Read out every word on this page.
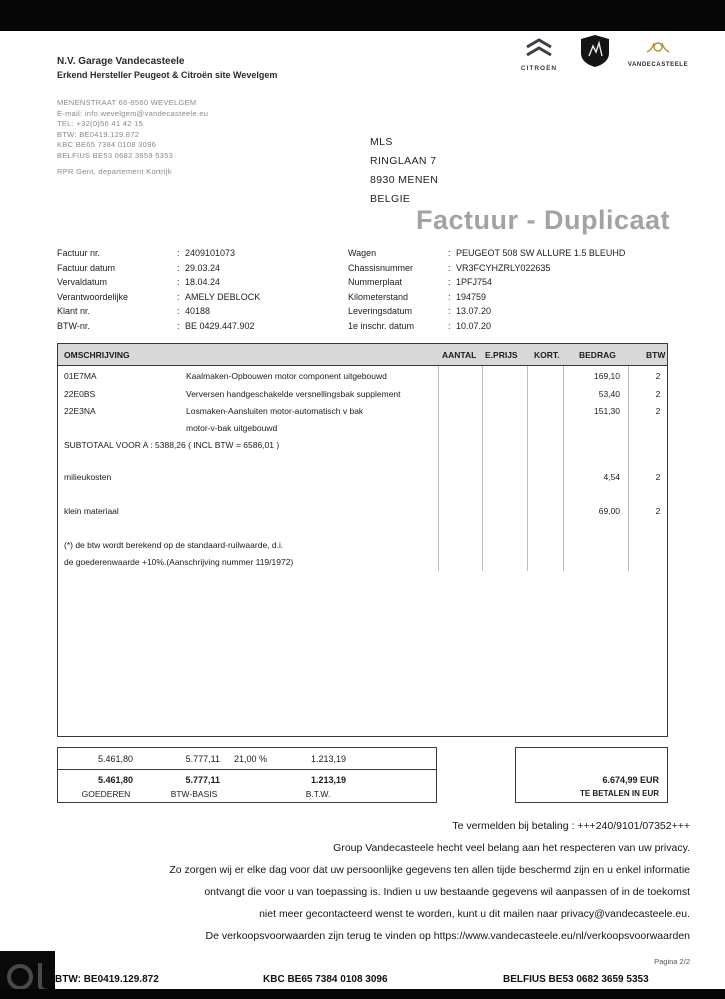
N.V. Garage Vandecasteele
Erkend Hersteller Peugeot & Citroën site Wevelgem
MENENSTRAAT 66-8560 WEVELGEM
E-mail: info.wevelgem@vandecasteele.eu
TEL: +32(0)56 41 42 15
BTW: BE0419.129.872
KBC BE65 7384 0108 3096
BELFIUS BE53 0682 3659 5353
RPR Gent, departement Kortrijk
CITROËN	VANDECASTEELE
MLS
RINGLAAN 7
8930 MENEN
BELGIE
Factuur - Duplicaat
Factuur nr. :	2409101073
Factuur datum :	29.03.24
Vervaldatum :	18.04.24
Verantwoordelijke :	AMELY DEBLOCK
Klant nr. :	40188
BTW-nr. :	BE 0429.447.902
Wagen :	PEUGEOT 508 SW ALLURE 1.5 BLEUHD
Chassisnummer :	VR3FCYHZRLY022635
Nummerplaat :	1PFJ754
Kilometerstand :	194759
Leveringsdatum :	13.07.20
1e inschr. datum :	10.07.20
OMSCHRIJVING	AANTAL E.PRIJS KORT. BEDRAG	BTW
01E7MA	Kaalmaken-Opbouwen motor component uitgebouwd	169,10	2
22E0BS	Verversen handgeschakelde versnellingsbak supplement	53,40	2
22E3NA	Losmaken-Aansluiten motor-automatisch v bak	151,30	2
motor-v-bak uitgebouwd
SUBTOTAAL VOOR A : 5388,26 ( INCL BTW = 6586,01 )
milieukosten	4,54	2
klein materiaal	69,00	2
(*) de btw wordt berekend op de standaard-ruilwaarde, d.i.
de goederenwaarde +10%.(Aanschrijving nummer 119/1972)
5.461,80	5.777,11	21,00 %	1.213,19
5.461,80	5.777,11	1.213,19
GOEDEREN	BTW-BASIS	B.T.W.
6.674,99 EUR
TE BETALEN IN EUR
Te vermelden bij betaling : +++240/9101/07352+++
Group Vandecasteele hecht veel belang aan het respecteren van uw privacy.
Zo zorgen wij er elke dag voor dat uw persoonlijke gegevens ten allen tijde beschermd zijn en u enkel informatie
ontvangt die voor u van toepassing is. Indien u uw bestaande gegevens wil aanpassen of in de toekomst
niet meer gecontacteerd wenst te worden, kunt u dit mailen naar privacy@vandecasteele.eu.
De verkoopsvoorwaarden zijn terug te vinden op https://www.vandecasteele.eu/nl/verkoopsvoorwaarden
Pagina 2/2
BTW: BE0419.129.872	KBC BE65 7384 0108 3096	BELFIUS BE53 0682 3659 5353
